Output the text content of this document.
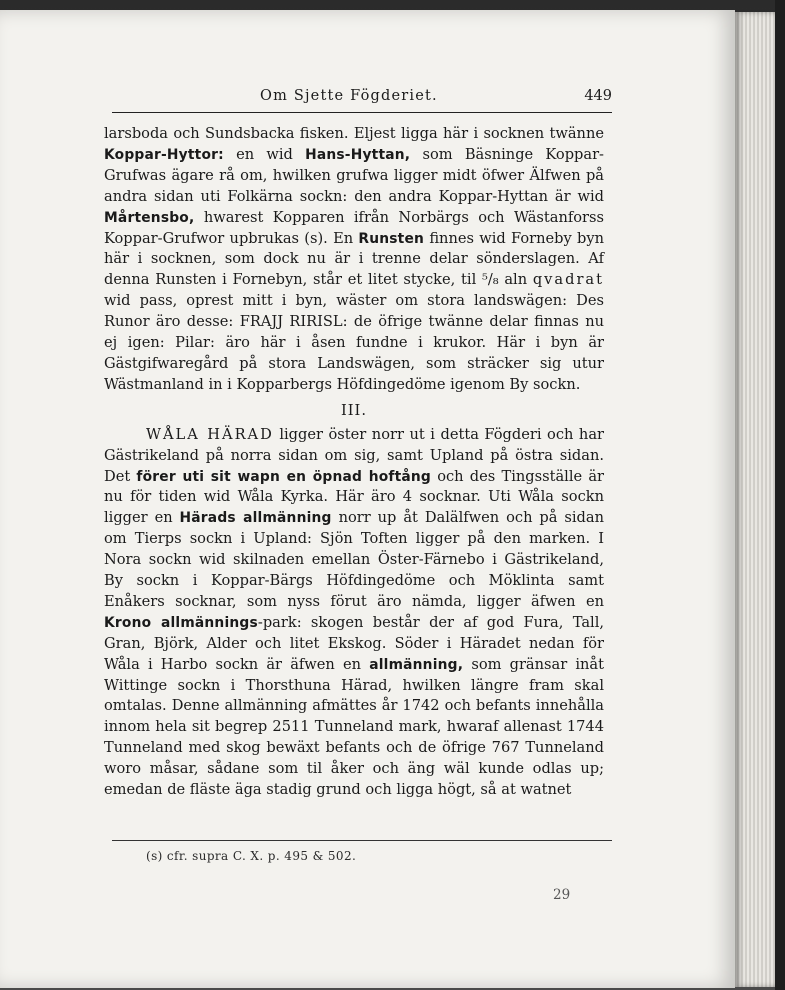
Om Sjette Fögderiet.	449

larsboda och Sundsbacka fisken. Eljest ligga här i socknen twänne Koppar-Hyttor: en wid Hans-Hyttan, som Bäsninge Koppar-Grufwas ägare rå om, hwilken grufwa ligger midt öfwer Älfwen på andra sidan uti Folkärna sockn: den andra Koppar-Hyttan är wid Mårtensbo, hwarest Kopparen ifrån Norbärgs och Wästanforss Koppar-Grufwor upbrukas (s). En Runsten finnes wid Forneby byn här i socknen, som dock nu är i trenne delar sönderslagen. Af denna Runsten i Fornebyn, står et litet stycke, til ⁵/₈ aln qvadrat wid pass, oprest mitt i byn, wäster om stora landswägen: Des Runor äro desse: FRAJJ RIRISL: de öfrige twänne delar finnas nu ej igen: Pilar: äro här i åsen fundne i krukor. Här i byn är Gästgifwaregård på stora Landswägen, som sträcker sig utur Wästmanland in i Kopparbergs Höfdingedöme igenom By sockn.

III.

WÅLA HÄRAD ligger öster norr ut i detta Fögderi och har Gästrikeland på norra sidan om sig, samt Upland på östra sidan. Det förer uti sit wapn en öpnad hoftång och des Tingsställe är nu för tiden wid Wåla Kyrka. Här äro 4 socknar. Uti Wåla sockn ligger en Härads allmänning norr up åt Dalälfwen och på sidan om Tierps sockn i Upland: Sjön Toften ligger på den marken. I Nora sockn wid skilnaden emellan Öster-Färnebo i Gästrikeland, By sockn i Koppar-Bärgs Höfdingedöme och Möklinta samt Enåkers socknar, som nyss förut äro nämda, ligger äfwen en Krono allmännings-park: skogen består der af god Fura, Tall, Gran, Björk, Alder och litet Ekskog. Söder i Häradet nedan för Wåla i Harbo sockn är äfwen en allmänning, som gränsar inåt Wittinge sockn i Thorsthuna Härad, hwilken längre fram skal omtalas. Denne allmänning afmättes år 1742 och befants innehålla innom hela sit begrep 2511 Tunneland mark, hwaraf allenast 1744 Tunneland med skog bewäxt befants och de öfrige 767 Tunneland woro måsar, sådane som til åker och äng wäl kunde odlas up; emedan de fläste äga stadig grund och ligga högt, så at watnet

(s) cfr. supra C. X. p. 495 & 502.

29
